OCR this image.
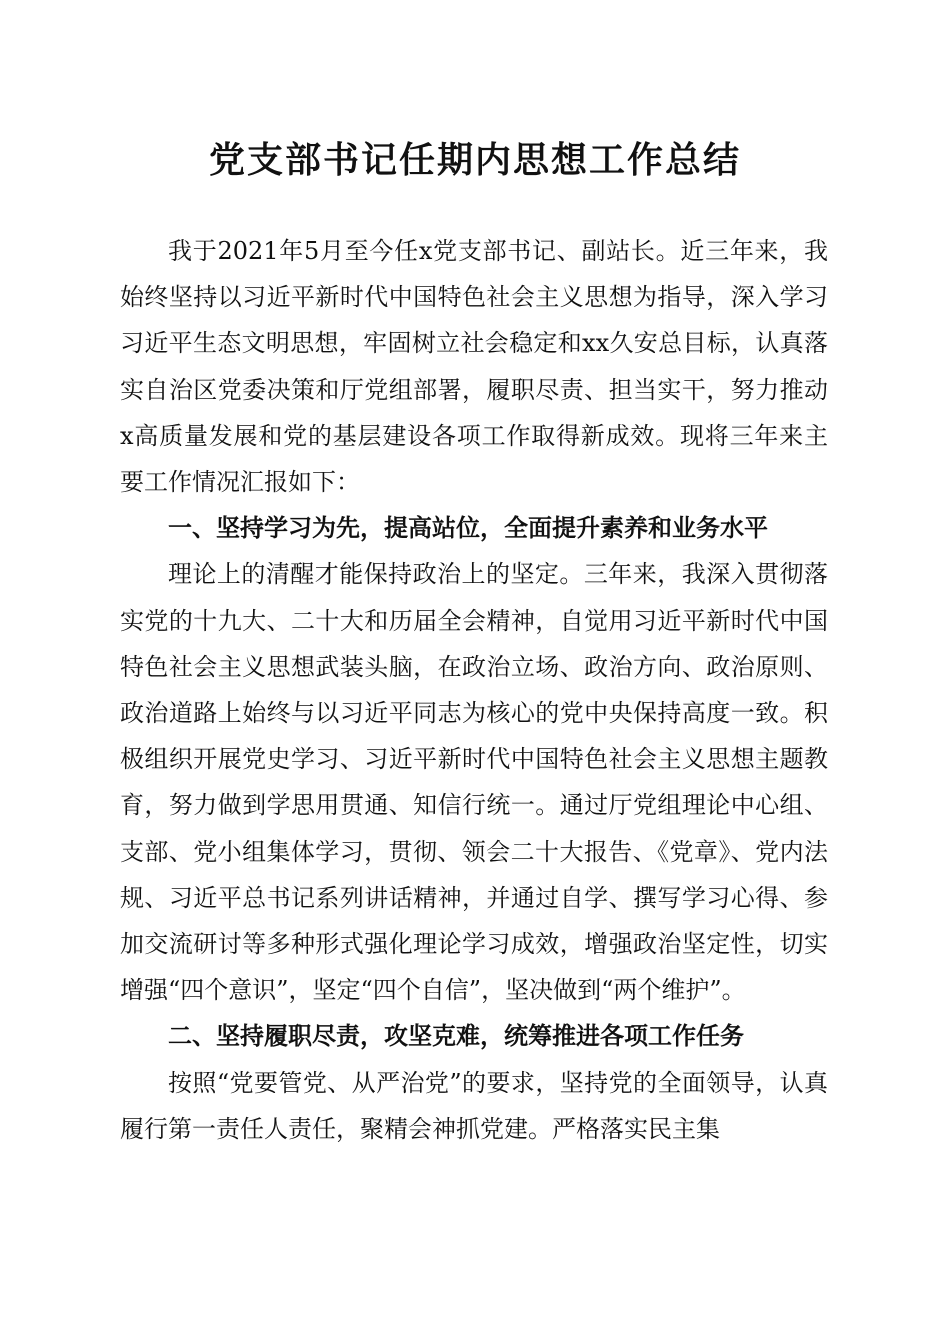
党支部书记任期内思想工作总结

我于2021年5月至今任x党支部书记、副站长。近三年来，我始终坚持以习近平新时代中国特色社会主义思想为指导，深入学习习近平生态文明思想，牢固树立社会稳定和xx久安总目标，认真落实自治区党委决策和厅党组部署，履职尽责、担当实干，努力推动x高质量发展和党的基层建设各项工作取得新成效。现将三年来主要工作情况汇报如下：

一、坚持学习为先，提高站位，全面提升素养和业务水平

理论上的清醒才能保持政治上的坚定。三年来，我深入贯彻落实党的十九大、二十大和历届全会精神，自觉用习近平新时代中国特色社会主义思想武装头脑，在政治立场、政治方向、政治原则、政治道路上始终与以习近平同志为核心的党中央保持高度一致。积极组织开展党史学习、习近平新时代中国特色社会主义思想主题教育，努力做到学思用贯通、知信行统一。通过厅党组理论中心组、支部、党小组集体学习，贯彻、领会二十大报告、《党章》、党内法规、习近平总书记系列讲话精神，并通过自学、撰写学习心得、参加交流研讨等多种形式强化理论学习成效，增强政治坚定性，切实增强“四个意识”，坚定“四个自信”，坚决做到“两个维护”。

二、坚持履职尽责，攻坚克难，统筹推进各项工作任务

按照“党要管党、从严治党”的要求，坚持党的全面领导，认真履行第一责任人责任，聚精会神抓党建。严格落实民主集
